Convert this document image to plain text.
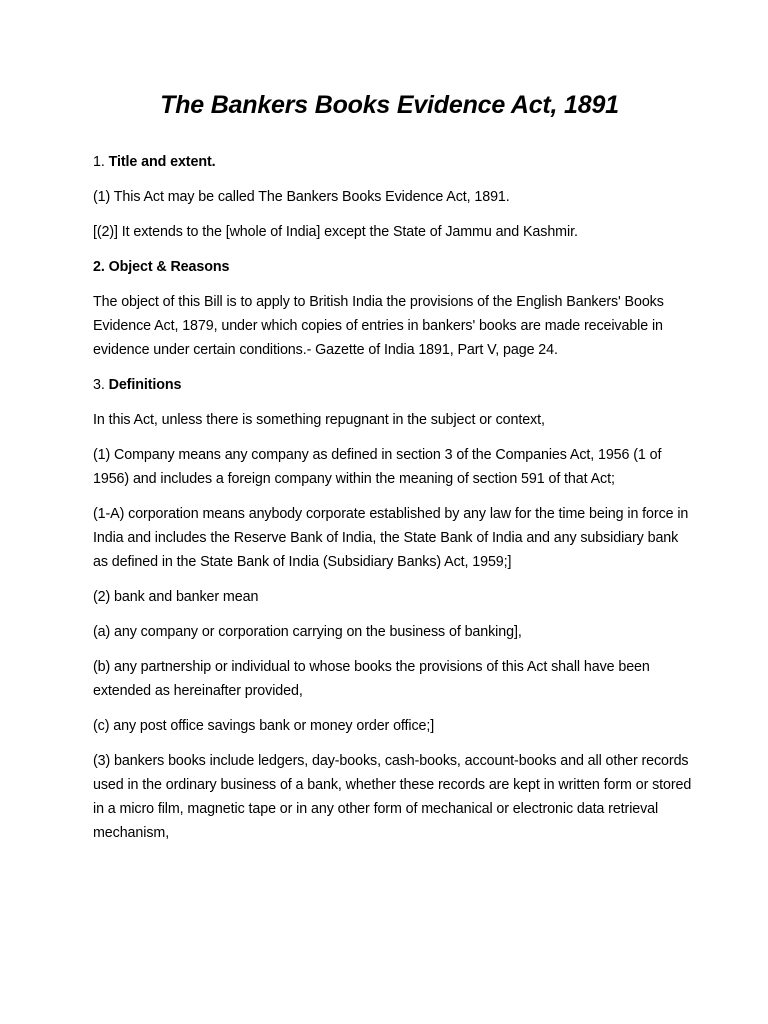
The Bankers Books Evidence Act, 1891

1. Title and extent.

(1) This Act may be called The Bankers Books Evidence Act, 1891.

[(2)] It extends to the [whole of India] except the State of Jammu and Kashmir.

2. Object & Reasons

The object of this Bill is to apply to British India the provisions of the English Bankers' Books Evidence Act, 1879, under which copies of entries in bankers' books are made receivable in evidence under certain conditions.- Gazette of India 1891, Part V, page 24.

3. Definitions

In this Act, unless there is something repugnant in the subject or context,

(1) Company means any company as defined in section 3 of the Companies Act, 1956 (1 of 1956) and includes a foreign company within the meaning of section 591 of that Act;

(1-A) corporation means anybody corporate established by any law for the time being in force in India and includes the Reserve Bank of India, the State Bank of India and any subsidiary bank as defined in the State Bank of India (Subsidiary Banks) Act, 1959;]

(2) bank and banker mean

(a) any company or corporation carrying on the business of banking],

(b) any partnership or individual to whose books the provisions of this Act shall have been extended as hereinafter provided,

(c) any post office savings bank or money order office;]

(3) bankers books include ledgers, day-books, cash-books, account-books and all other records used in the ordinary business of a bank, whether these records are kept in written form or stored in a micro film, magnetic tape or in any other form of mechanical or electronic data retrieval mechanism,
